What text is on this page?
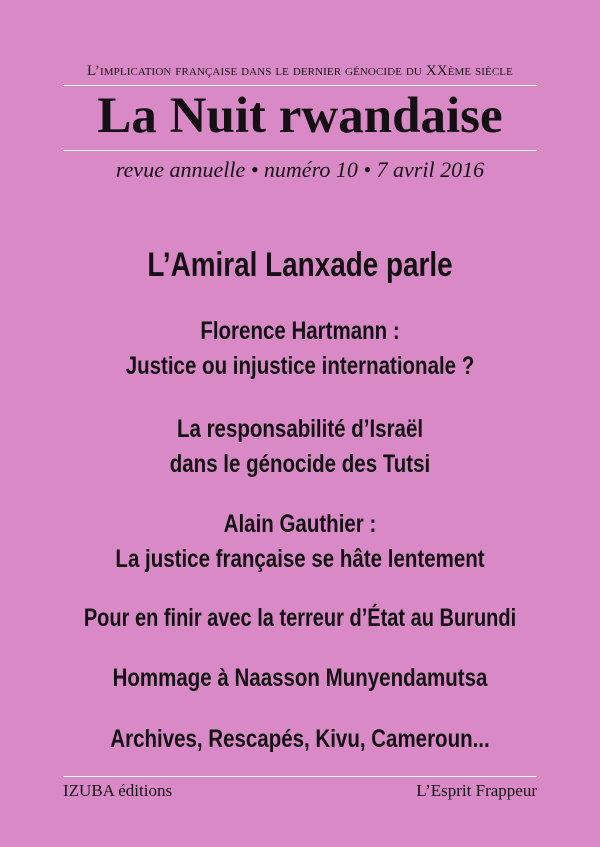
L’implication française dans le dernier génocide du XXème siècle
La Nuit rwandaise
revue annuelle • numéro 10 • 7 avril 2016
L’Amiral Lanxade parle
Florence Hartmann :
Justice ou injustice internationale ?
La responsabilité d’Israël
dans le génocide des Tutsi
Alain Gauthier :
La justice française se hâte lentement
Pour en finir avec la terreur d’État au Burundi
Hommage à Naasson Munyendamutsa
Archives, Rescapés, Kivu, Cameroun...
IZUBA éditions	L’Esprit Frappeur
